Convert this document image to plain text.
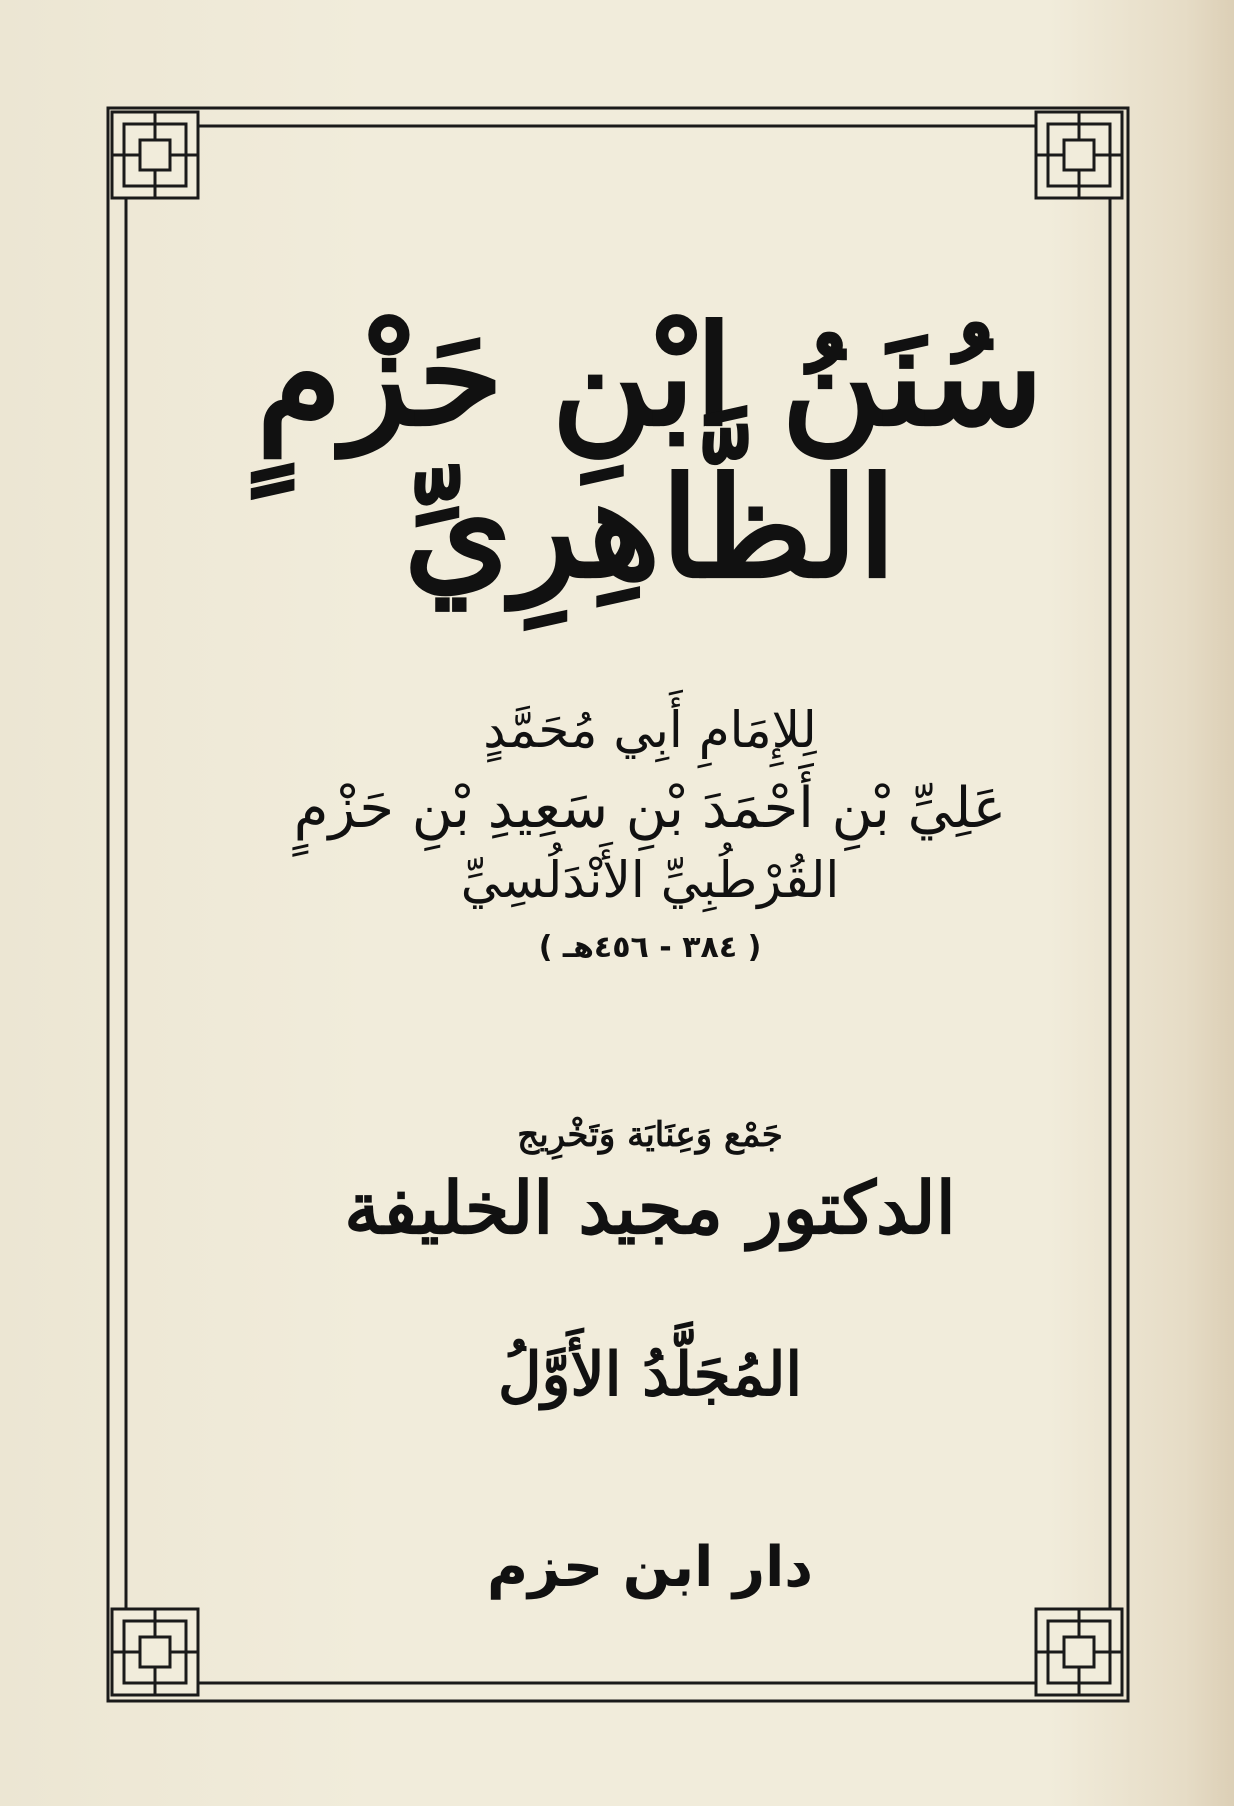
سُنَنُ ابْنِ حَزْمٍ الظَّاهِرِيِّ
لِلإِمَامِ أَبِي مُحَمَّدٍ
عَلِيِّ بْنِ أَحْمَدَ بْنِ سَعِيدِ بْنِ حَزْمٍ
القُرْطُبِيِّ الأَنْدَلُسِيِّ
( ٣٨٤ - ٤٥٦هـ )
جَمْع وَعِنَايَة وَتَخْرِيج
الدكتور مجيد الخليفة
المُجَلَّدُ الأَوَّلُ
دار ابن حزم
